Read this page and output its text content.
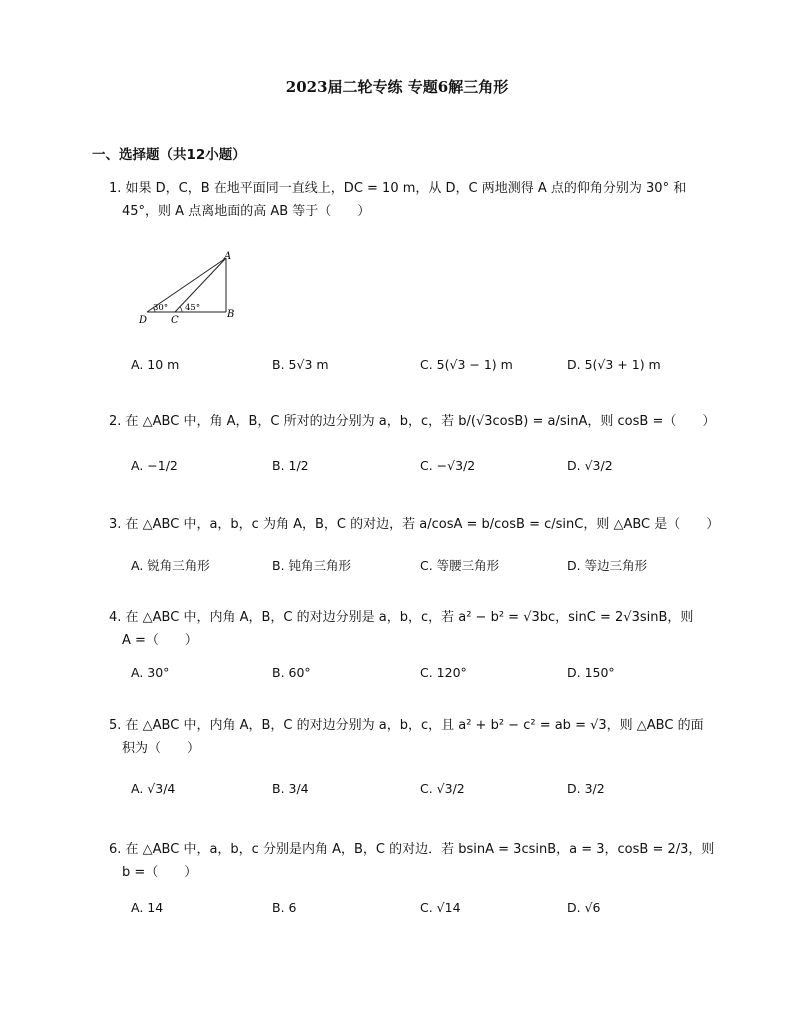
2023届二轮专练 专题6解三角形
一、选择题（共12小题）
1. 如果 D，C，B 在地平面同一直线上，DC = 10 m，从 D，C 两地测得 A 点的仰角分别为 30° 和
45°，则 A 点离地面的高 AB 等于（　　）
A
B
C
D
30° 45°
A. 10 m	B. 5√3 m	C. 5(√3 − 1) m	D. 5(√3 + 1) m
2. 在 △ABC 中，角 A，B，C 所对的边分别为 a，b，c，若 b/(√3cosB) = a/sinA，则 cosB =（　　）
A. −1/2	B. 1/2	C. −√3/2	D. √3/2
3. 在 △ABC 中，a，b，c 为角 A，B，C 的对边，若 a/cosA = b/cosB = c/sinC，则 △ABC 是（　　）
A. 锐角三角形	B. 钝角三角形	C. 等腰三角形	D. 等边三角形
4. 在 △ABC 中，内角 A，B，C 的对边分别是 a，b，c，若 a² − b² = √3bc，sinC = 2√3sinB，则
A =（　　）
A. 30°	B. 60°	C. 120°	D. 150°
5. 在 △ABC 中，内角 A，B，C 的对边分别为 a，b，c，且 a² + b² − c² = ab = √3，则 △ABC 的面
积为（　　）
A. √3/4	B. 3/4	C. √3/2	D. 3/2
6. 在 △ABC 中，a，b，c 分别是内角 A，B，C 的对边．若 bsinA = 3csinB，a = 3，cosB = 2/3，则
b =（　　）
A. 14	B. 6	C. √14	D. √6
